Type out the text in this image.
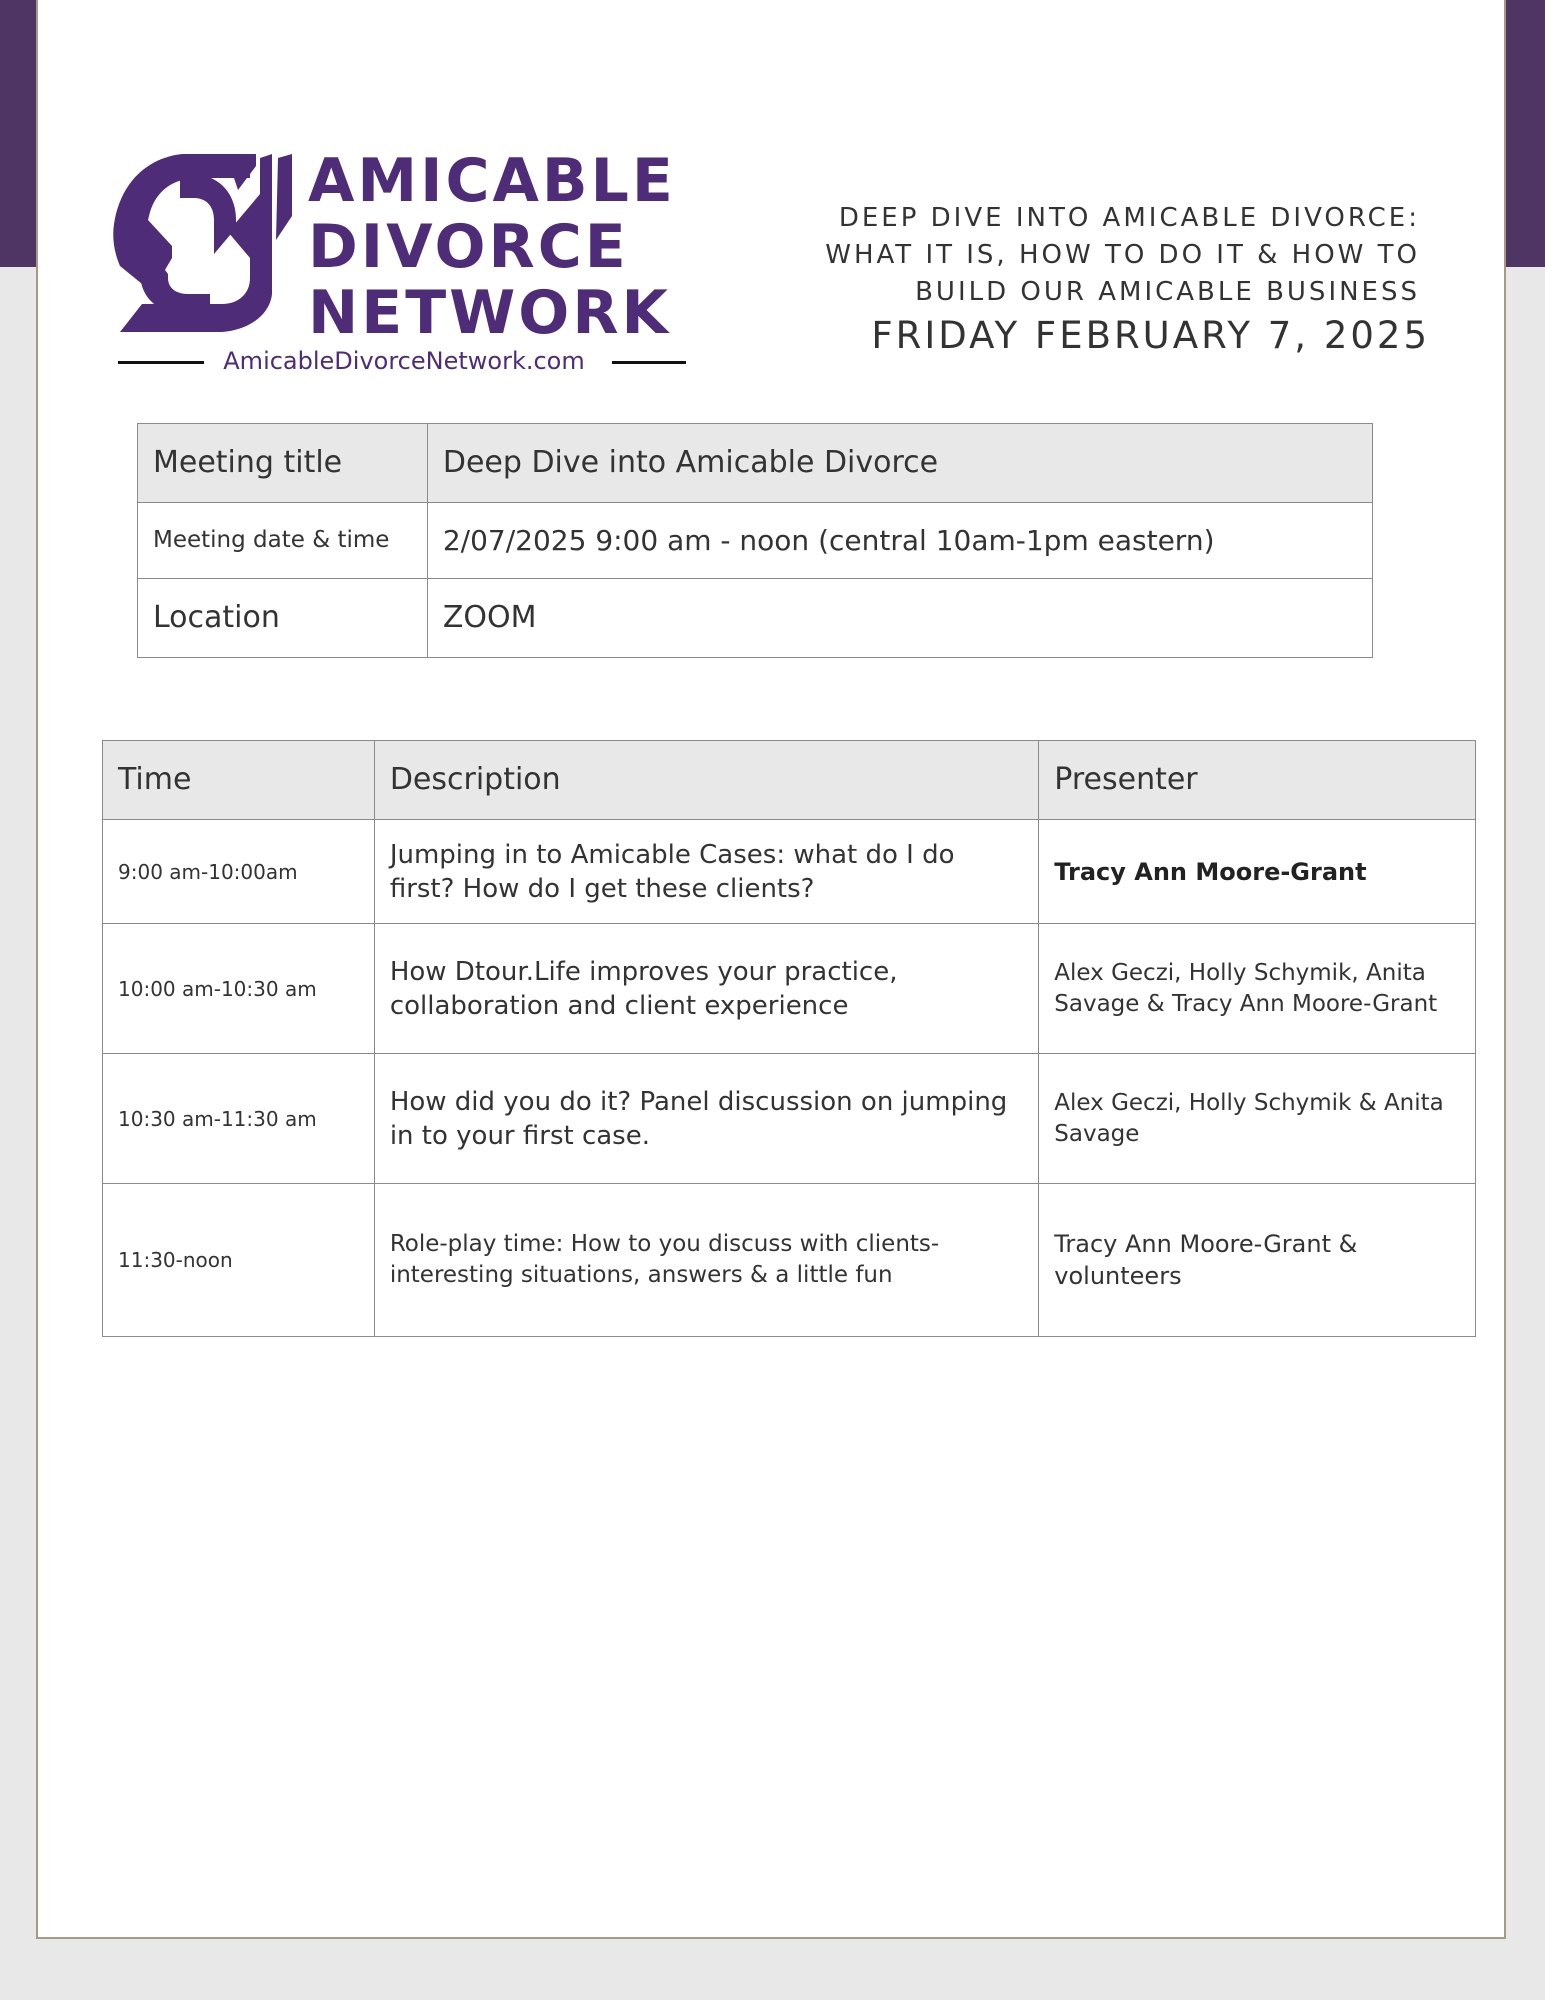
AMICABLE
DIVORCE
NETWORK
AmicableDivorceNetwork.com
DEEP DIVE INTO AMICABLE DIVORCE:
WHAT IT IS, HOW TO DO IT & HOW TO
BUILD OUR AMICABLE BUSINESS
FRIDAY FEBRUARY 7, 2025
Meeting title	Deep Dive into Amicable Divorce
Meeting date & time	2/07/2025 9:00 am - noon (central 10am-1pm eastern)
Location	ZOOM
Time	Description	Presenter
9:00 am-10:00am	Jumping in to Amicable Cases: what do I do first? How do I get these clients?	Tracy Ann Moore-Grant
10:00 am-10:30 am	How Dtour.Life improves your practice, collaboration and client experience	Alex Geczi, Holly Schymik, Anita Savage & Tracy Ann Moore-Grant
10:30 am-11:30 am	How did you do it? Panel discussion on jumping in to your first case.	Alex Geczi, Holly Schymik & Anita Savage
11:30-noon	Role-play time: How to you discuss with clients- interesting situations, answers & a little fun	Tracy Ann Moore-Grant & volunteers
